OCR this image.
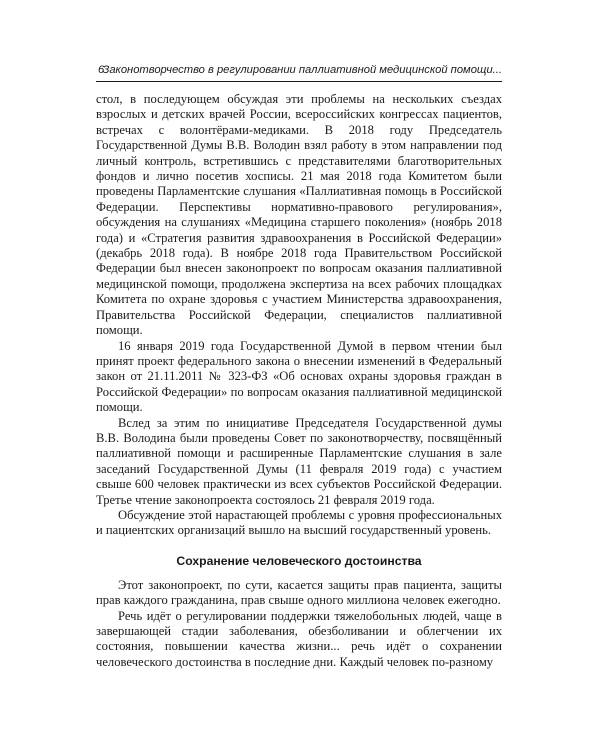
6
Законотворчество в регулировании паллиативной медицинской помощи...

стол, в последующем обсуждая эти проблемы на нескольких съездах взрослых и детских врачей России, всероссийских конгрессах пациентов, встречах с волонтёрами-медиками. В 2018 году Председатель Государственной Думы В.В. Володин взял работу в этом направлении под личный контроль, встретившись с представителями благотворительных фондов и лично посетив хосписы. 21 мая 2018 года Комитетом были проведены Парламентские слушания «Паллиативная помощь в Российской Федерации. Перспективы нормативно-правового регулирования», обсуждения на слушаниях «Медицина старшего поколения» (ноябрь 2018 года) и «Стратегия развития здравоохранения в Российской Федерации» (декабрь 2018 года). В ноябре 2018 года Правительством Российской Федерации был внесен законопроект по вопросам оказания паллиативной медицинской помощи, продолжена экспертиза на всех рабочих площадках Комитета по охране здоровья с участием Министерства здравоохранения, Правительства Российской Федерации, специалистов паллиативной помощи.

16 января 2019 года Государственной Думой в первом чтении был принят проект федерального закона о внесении изменений в Федеральный закон от 21.11.2011 № 323-ФЗ «Об основах охраны здоровья граждан в Российской Федерации» по вопросам оказания паллиативной медицинской помощи.

Вслед за этим по инициативе Председателя Государственной думы В.В. Володина были проведены Совет по законотворчеству, посвящённый паллиативной помощи и расширенные Парламентские слушания в зале заседаний Государственной Думы (11 февраля 2019 года) с участием свыше 600 человек практически из всех субъектов Российской Федерации. Третье чтение законопроекта состоялось 21 февраля 2019 года.

Обсуждение этой нарастающей проблемы с уровня профессиональных и пациентских организаций вышло на высший государственный уровень.

Сохранение человеческого достоинства

Этот законопроект, по сути, касается защиты прав пациента, защиты прав каждого гражданина, прав свыше одного миллиона человек ежегодно.

Речь идёт о регулировании поддержки тяжелобольных людей, чаще в завершающей стадии заболевания, обезболивании и облегчении их состояния, повышении качества жизни... речь идёт о сохранении человеческого достоинства в последние дни. Каждый человек по-разному
